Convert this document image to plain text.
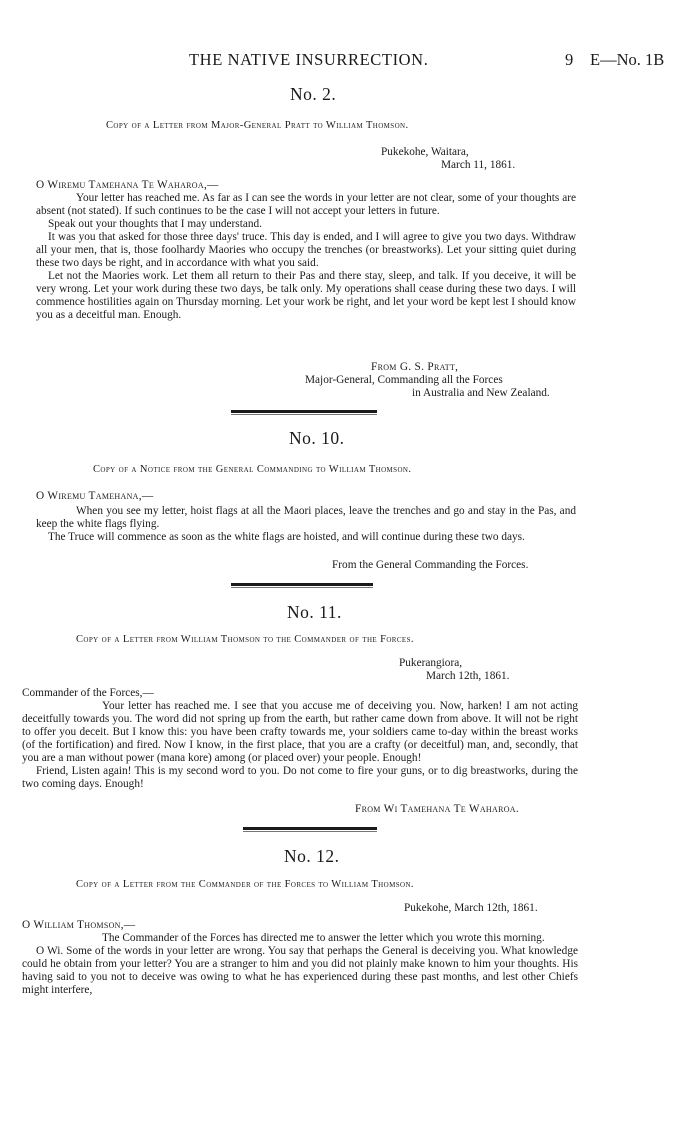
THE NATIVE INSURRECTION.	9 E—No. 1B
No. 2.
Copy of a Letter from Major-General Pratt to William Thomson.
Pukekohe, Waitara,
March 11, 1861.
O Wiremu Tamehana Te Waharoa,—

Your letter has reached me. As far as I can see the words in your letter are not clear, some of your thoughts are absent (not stated). If such continues to be the case I will not accept your letters in future.

Speak out your thoughts that I may understand.

It was you that asked for those three days' truce. This day is ended, and I will agree to give you two days. Withdraw all your men, that is, those foolhardy Maories who occupy the trenches (or breastworks). Let your sitting quiet during these two days be right, and in accordance with what you said.

Let not the Maories work. Let them all return to their Pas and there stay, sleep, and talk. If you deceive, it will be very wrong. Let your work during these two days, be talk only. My operations shall cease during these two days. I will commence hostilities again on Thursday morning. Let your work be right, and let your word be kept lest I should know you as a deceitful man. Enough.

From G. S. Pratt,
Major-General, Commanding all the Forces
in Australia and New Zealand.
No. 10.
Copy of a Notice from the General Commanding to William Thomson.
O Wiremu Tamehana,—

When you see my letter, hoist flags at all the Maori places, leave the trenches and go and stay in the Pas, and keep the white flags flying.

The Truce will commence as soon as the white flags are hoisted, and will continue during these two days.

From the General Commanding the Forces.
No. 11.
Copy of a Letter from William Thomson to the Commander of the Forces.
Pukerangiora,
March 12th, 1861.
Commander of the Forces,—

Your letter has reached me. I see that you accuse me of deceiving you. Now, harken! I am not acting deceitfully towards you. The word did not spring up from the earth, but rather came down from above. It will not be right to offer you deceit. But I know this: you have been crafty towards me, your soldiers came to-day within the breast works (of the fortification) and fired. Now I know, in the first place, that you are a crafty (or deceitful) man, and, secondly, that you are a man without power (mana kore) among (or placed over) your people. Enough!

Friend, Listen again! This is my second word to you. Do not come to fire your guns, or to dig breastworks, during the two coming days. Enough!

From Wi Tamehana Te Waharoa.
No. 12.
Copy of a Letter from the Commander of the Forces to William Thomson.
Pukekohe, March 12th, 1861.
O William Thomson,—

The Commander of the Forces has directed me to answer the letter which you wrote this morning.

O Wi. Some of the words in your letter are wrong. You say that perhaps the General is deceiving you. What knowledge could he obtain from your letter? You are a stranger to him and you did not plainly make known to him your thoughts. His having said to you not to deceive was owing to what he has experienced during these past months, and lest other Chiefs might interfere,
